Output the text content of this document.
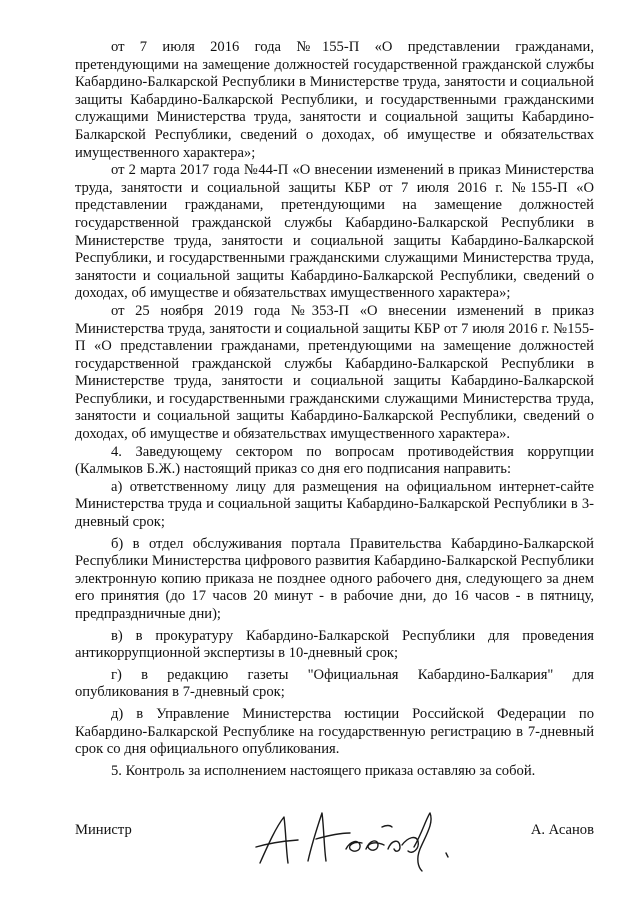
от 7 июля 2016 года №155-П «О представлении гражданами, претендующими на замещение должностей государственной гражданской службы Кабардино-Балкарской Республики в Министерстве труда, занятости и социальной защиты Кабардино-Балкарской Республики, и государственными гражданскими служащими Министерства труда, занятости и социальной защиты Кабардино-Балкарской Республики, сведений о доходах, об имуществе и обязательствах имущественного характера»;

от 2 марта 2017 года №44-П «О внесении изменений в приказ Министерства труда, занятости и социальной защиты КБР от 7 июля 2016 г. №155-П «О представлении гражданами, претендующими на замещение должностей государственной гражданской службы Кабардино-Балкарской Республики в Министерстве труда, занятости и социальной защиты Кабардино-Балкарской Республики, и государственными гражданскими служащими Министерства труда, занятости и социальной защиты Кабардино-Балкарской Республики, сведений о доходах, об имуществе и обязательствах имущественного характера»;

от 25 ноября 2019 года №353-П «О внесении изменений в приказ Министерства труда, занятости и социальной защиты КБР от 7 июля 2016 г. №155-П «О представлении гражданами, претендующими на замещение должностей государственной гражданской службы Кабардино-Балкарской Республики в Министерстве труда, занятости и социальной защиты Кабардино-Балкарской Республики, и государственными гражданскими служащими Министерства труда, занятости и социальной защиты Кабардино-Балкарской Республики, сведений о доходах, об имуществе и обязательствах имущественного характера».

4. Заведующему сектором по вопросам противодействия коррупции (Калмыков Б.Ж.) настоящий приказ со дня его подписания направить:

а) ответственному лицу для размещения на официальном интернет-сайте Министерства труда и социальной защиты Кабардино-Балкарской Республики в 3-дневный срок;

б) в отдел обслуживания портала Правительства Кабардино-Балкарской Республики Министерства цифрового развития Кабардино-Балкарской Республики электронную копию приказа не позднее одного рабочего дня, следующего за днем его принятия (до 17 часов 20 минут - в рабочие дни, до 16 часов - в пятницу, предпраздничные дни);

в) в прокуратуру Кабардино-Балкарской Республики для проведения антикоррупционной экспертизы в 10-дневный срок;

г) в редакцию газеты "Официальная Кабардино-Балкария" для опубликования в 7-дневный срок;

д) в Управление Министерства юстиции Российской Федерации по Кабардино-Балкарской Республике на государственную регистрацию в 7-дневный срок со дня официального опубликования.

5. Контроль за исполнением настоящего приказа оставляю за собой.

Министр	А. Асанов
